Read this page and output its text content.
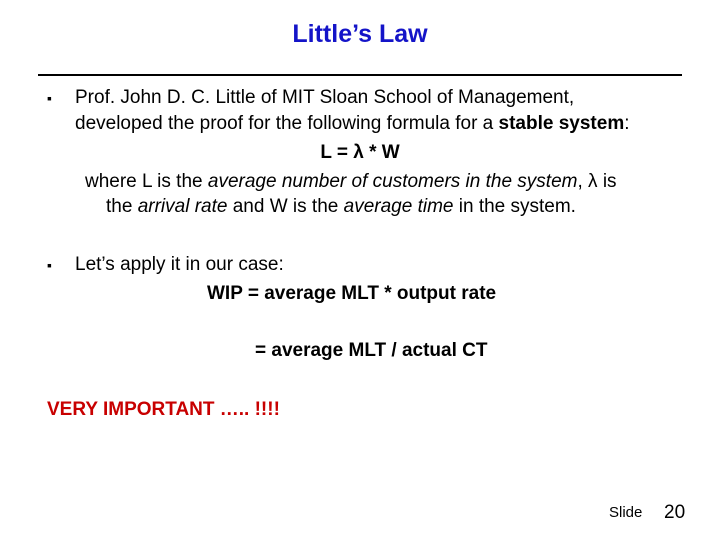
Little’s Law
▪ Prof. John D. C. Little of MIT Sloan School of Management,
developed the proof for the following formula for a stable system:
L = λ * W
where L is the average number of customers in the system, λ is
the arrival rate and W is the average time in the system.
▪ Let’s apply it in our case:
WIP = average MLT * output rate
= average MLT / actual CT
VERY IMPORTANT ….. !!!!
Slide 20
